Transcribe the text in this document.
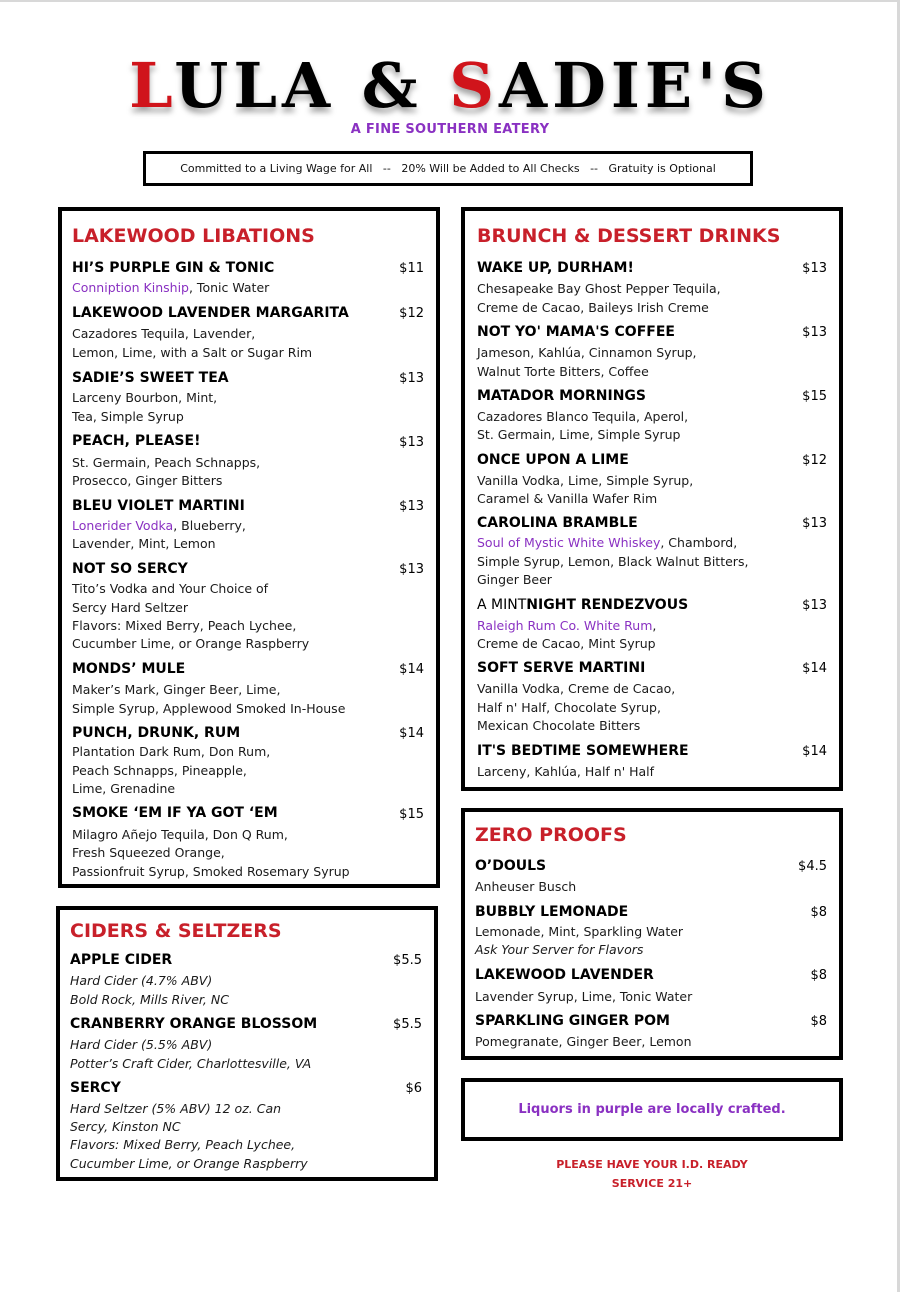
LULA & SADIE'S
A FINE SOUTHERN EATERY
Committed to a Living Wage for All   --   20% Will be Added to All Checks   --   Gratuity is Optional
LAKEWOOD LIBATIONS
HI’S PURPLE GIN & TONIC	$11
Conniption Kinship, Tonic Water
LAKEWOOD LAVENDER MARGARITA	$12
Cazadores Tequila, Lavender,
Lemon, Lime, with a Salt or Sugar Rim
SADIE’S SWEET TEA	$13
Larceny Bourbon, Mint,
Tea, Simple Syrup
PEACH, PLEASE!	$13
St. Germain, Peach Schnapps,
Prosecco, Ginger Bitters
BLEU VIOLET MARTINI	$13
Lonerider Vodka, Blueberry,
Lavender, Mint, Lemon
NOT SO SERCY	$13
Tito’s Vodka and Your Choice of
Sercy Hard Seltzer
Flavors: Mixed Berry, Peach Lychee,
Cucumber Lime, or Orange Raspberry
MONDS’ MULE	$14
Maker’s Mark, Ginger Beer, Lime,
Simple Syrup, Applewood Smoked In-House
PUNCH, DRUNK, RUM	$14
Plantation Dark Rum, Don Rum,
Peach Schnapps, Pineapple,
Lime, Grenadine
SMOKE ‘EM IF YA GOT ‘EM	$15
Milagro Añejo Tequila, Don Q Rum,
Fresh Squeezed Orange,
Passionfruit Syrup, Smoked Rosemary Syrup
CIDERS & SELTZERS
APPLE CIDER	$5.5
Hard Cider (4.7% ABV)
Bold Rock, Mills River, NC
CRANBERRY ORANGE BLOSSOM	$5.5
Hard Cider (5.5% ABV)
Potter’s Craft Cider, Charlottesville, VA
SERCY	$6
Hard Seltzer (5% ABV) 12 oz. Can
Sercy, Kinston NC
Flavors: Mixed Berry, Peach Lychee,
Cucumber Lime, or Orange Raspberry
BRUNCH & DESSERT DRINKS
WAKE UP, DURHAM!	$13
Chesapeake Bay Ghost Pepper Tequila,
Creme de Cacao, Baileys Irish Creme
NOT YO' MAMA'S COFFEE	$13
Jameson, Kahlúa, Cinnamon Syrup,
Walnut Torte Bitters, Coffee
MATADOR MORNINGS	$15
Cazadores Blanco Tequila, Aperol,
St. Germain, Lime, Simple Syrup
ONCE UPON A LIME	$12
Vanilla Vodka, Lime, Simple Syrup,
Caramel & Vanilla Wafer Rim
CAROLINA BRAMBLE	$13
Soul of Mystic White Whiskey, Chambord,
Simple Syrup, Lemon, Black Walnut Bitters,
Ginger Beer
A MINTNIGHT RENDEZVOUS	$13
Raleigh Rum Co. White Rum,
Creme de Cacao, Mint Syrup
SOFT SERVE MARTINI	$14
Vanilla Vodka, Creme de Cacao,
Half n' Half, Chocolate Syrup,
Mexican Chocolate Bitters
IT'S BEDTIME SOMEWHERE	$14
Larceny, Kahlúa, Half n' Half
ZERO PROOFS
O’DOULS	$4.5
Anheuser Busch
BUBBLY LEMONADE	$8
Lemonade, Mint, Sparkling Water
Ask Your Server for Flavors
LAKEWOOD LAVENDER	$8
Lavender Syrup, Lime, Tonic Water
SPARKLING GINGER POM	$8
Pomegranate, Ginger Beer, Lemon
Liquors in purple are locally crafted.
PLEASE HAVE YOUR I.D. READY
SERVICE 21+
